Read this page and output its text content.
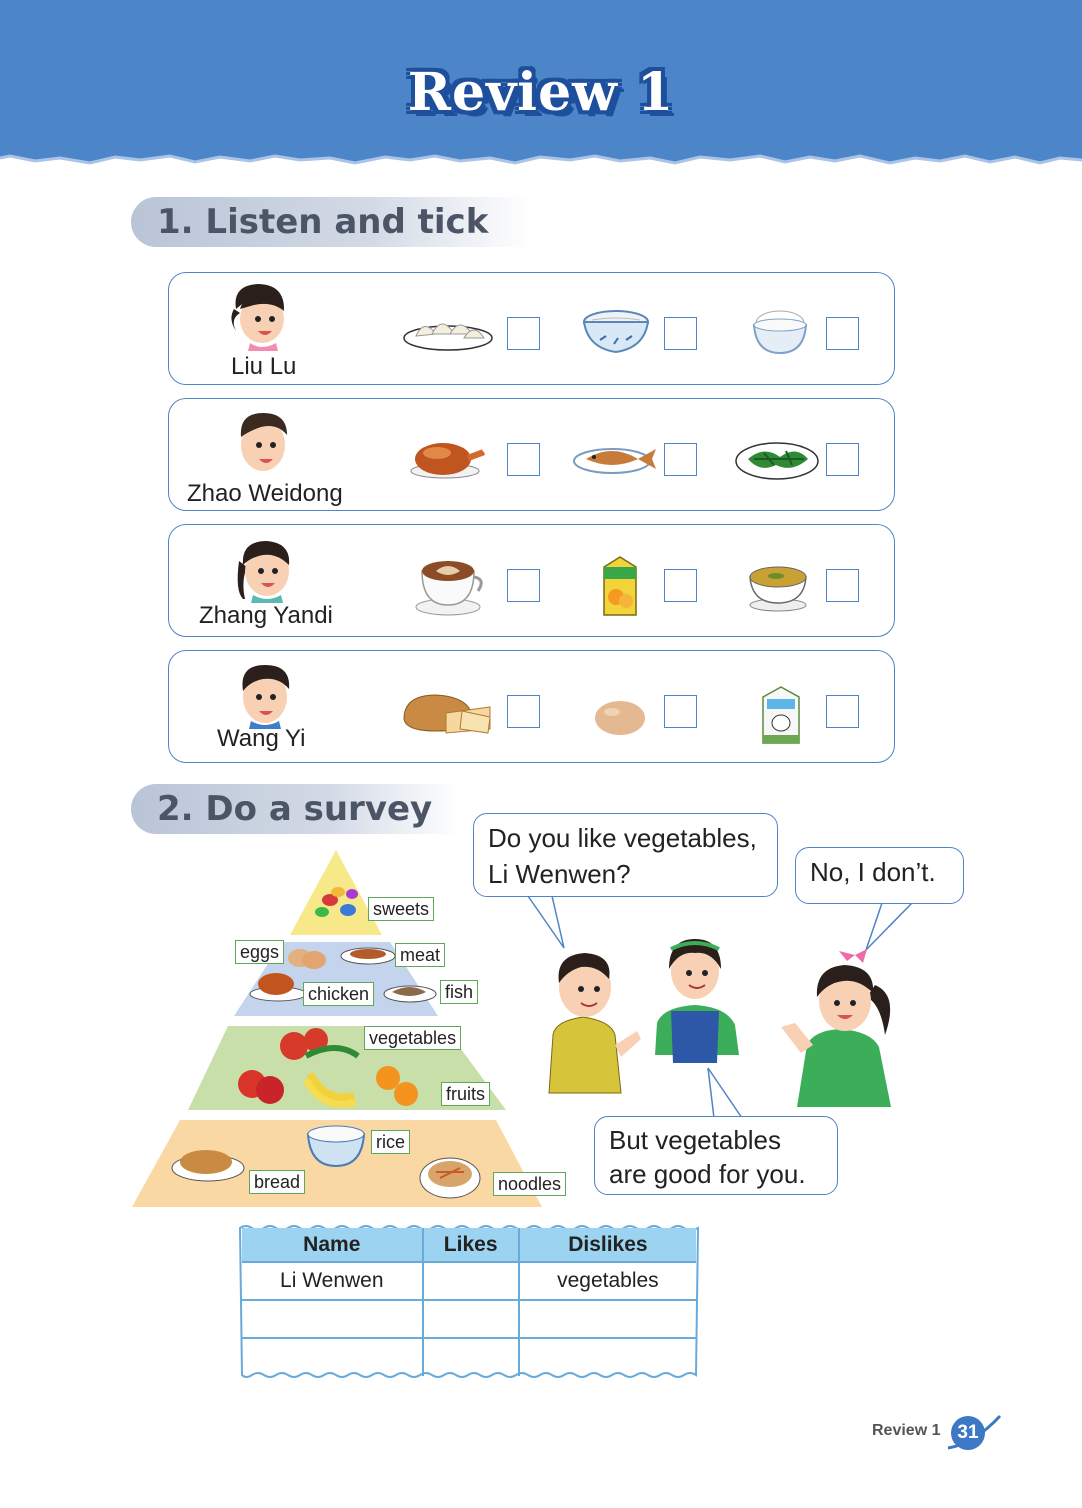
Review 1
1. Listen and tick
Liu Lu
Zhao Weidong
Zhang Yandi
Wang Yi
2. Do a survey
sweets
eggs	meat
chicken	fish
vegetables
fruits
rice
bread	noodles
Do you like vegetables,
Li Wenwen?	No, I don’t.
But vegetables
are good for you.
Name	Likes	Dislikes
Li Wenwen		vegetables

Review 1 31
